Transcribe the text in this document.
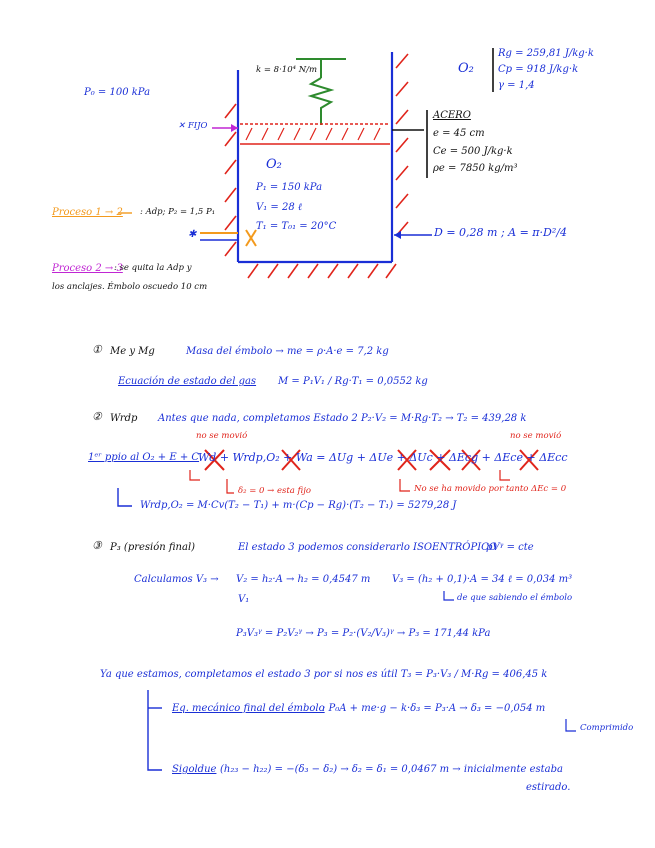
k = 8·10⁴ N/m
P₀ = 100 kPa
✕ FIJO
O₂
P₁ = 150 kPa
V₁ = 28 ℓ
T₁ = T₀₁ = 20°C
✱	D = 0,28 m ; A = π·D²/4
O₂
Rg = 259,81 J/kg·k
Cp = 918 J/kg·k
γ = 1,4
ACERO
e = 45 cm
Ce = 500 J/kg·k
ρe = 7850 kg/m³
Proceso 1 → 2 : Adp; P₂ = 1,5 P₁
Proceso 2 → 3
: se quita la Adp y
los anclajes. Émbolo oscuedo 10 cm
① Me y Mg	Masa del émbolo → me = ρ·A·e = 7,2 kg
Ecuación de estado del gas M = P₁V₁ / Rg·T₁ = 0,0552 kg
② Wrdp Antes que nada, completamos Estado 2 P₂·V₂ = M·Rg·T₂ → T₂ = 439,28 k
no se movió	no se movió
1ᵉʳ ppio al O₂ + E + C
Wd + Wrdp,O₂ + Wa = ΔUg + ΔUe + ΔUc + ΔEcg + ΔEce + ΔEcc
δ₂ = 0 → esta fijo	No se ha movido por tanto ΔEc = 0
Wrdp,O₂ = M·Cv(T₂ − T₁) + m·(Cp − Rg)·(T₂ − T₁) = 5279,28 J
③ P₃ (presión final)	El estado 3 podemos considerarlo ISOENTRÓPICO
pVᵞ = cte
Calculamos V₃ → V₂ = h₂·A → h₂ = 0,4547 m
V₁
V₃ = (h₂ + 0,1)·A = 34 ℓ = 0,034 m³
de que sabiendo el émbolo
P₃V₃ᵞ = P₂V₂ᵞ → P₃ = P₂·(V₂/V₃)ᵞ → P₃ = 171,44 kPa
Ya que estamos, completamos el estado 3 por si nos es útil T₃ = P₃·V₃ / M·Rg = 406,45 k
Eq. mecánico final del émbolo
: P₀A + me·g − k·δ₃ = P₃·A → δ₃ = −0,054 m
Comprimido
Sigoldue (h₂₃ − h₂₂) = −(δ₃ − δ₂) → δ₂ = δ₁ = 0,0467 m → inicialmente estaba
estirado.
